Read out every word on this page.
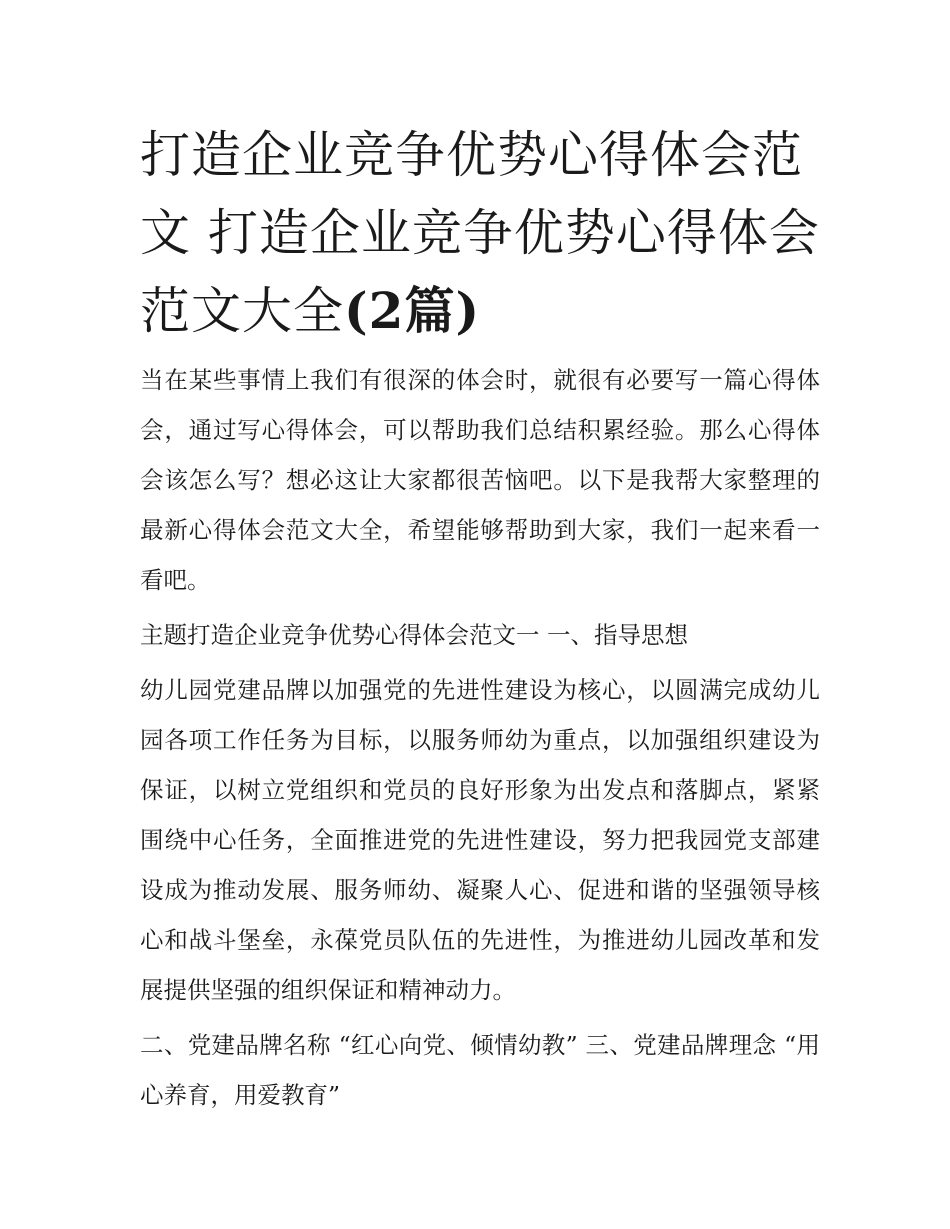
打造企业竞争优势心得体会范文 打造企业竞争优势心得体会范文大全(2篇)

当在某些事情上我们有很深的体会时，就很有必要写一篇心得体会，通过写心得体会，可以帮助我们总结积累经验。那么心得体会该怎么写？想必这让大家都很苦恼吧。以下是我帮大家整理的最新心得体会范文大全，希望能够帮助到大家，我们一起来看一看吧。

主题打造企业竞争优势心得体会范文一 一、指导思想

幼儿园党建品牌以加强党的先进性建设为核心，以圆满完成幼儿园各项工作任务为目标，以服务师幼为重点，以加强组织建设为保证，以树立党组织和党员的良好形象为出发点和落脚点，紧紧围绕中心任务，全面推进党的先进性建设，努力把我园党支部建设成为推动发展、服务师幼、凝聚人心、促进和谐的坚强领导核心和战斗堡垒，永葆党员队伍的先进性，为推进幼儿园改革和发展提供坚强的组织保证和精神动力。

二、党建品牌名称 “红心向党、倾情幼教” 三、党建品牌理念 “用心养育，用爱教育”
